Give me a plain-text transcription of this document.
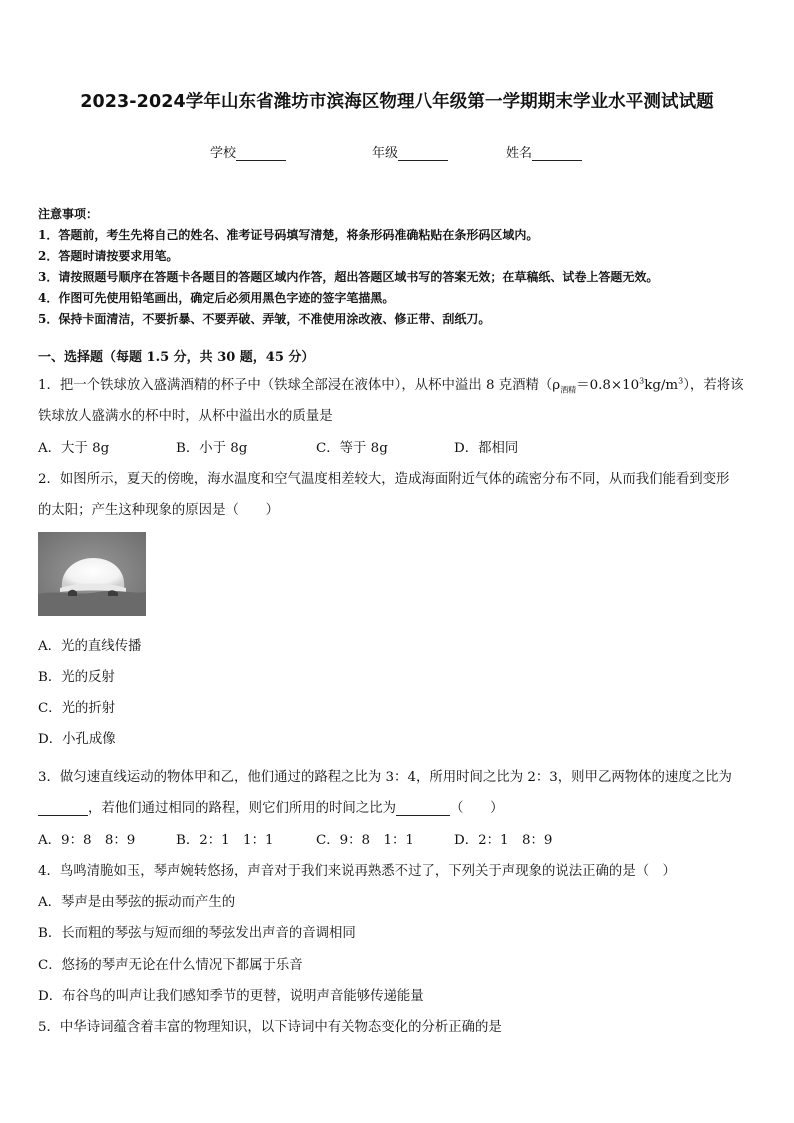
2023-2024学年山东省潍坊市滨海区物理八年级第一学期期末学业水平测试试题
学校	年级	姓名
注意事项：
1．答题前，考生先将自己的姓名、准考证号码填写清楚，将条形码准确粘贴在条形码区域内。
2．答题时请按要求用笔。
3．请按照题号顺序在答题卡各题目的答题区域内作答，超出答题区域书写的答案无效；在草稿纸、试卷上答题无效。
4．作图可先使用铅笔画出，确定后必须用黑色字迹的签字笔描黑。
5．保持卡面清洁，不要折暴、不要弄破、弄皱，不准使用涂改液、修正带、刮纸刀。
一、选择题（每题 1.5 分，共 30 题，45 分）
1．把一个铁球放入盛满酒精的杯子中（铁球全部浸在液体中），从杯中溢出 8 克酒精$(\rho_{酒精}=0.8\times 10^3kg/m^3)$，若将该
铁球放人盛满水的杯中时，从杯中溢出水的质量是
A．大于 8g	B．小于 8g	C．等于 8g	D．都相同
2．如图所示，夏天的傍晚，海水温度和空气温度相差较大，造成海面附近气体的疏密分布不同，从而我们能看到变形
的太阳；产生这种现象的原因是（　　）
A．光的直线传播
B．光的反射
C．光的折射
D．小孔成像
3．做匀速直线运动的物体甲和乙，他们通过的路程之比为 3：4，所用时间之比为 2：3，则甲乙两物体的速度之比为
，若他们通过相同的路程，则它们所用的时间之比为	（　　）
A．9：8　8：9	B．2：1　1：1	C．9：8　1：1	D．2：1　8：9
4．鸟鸣清脆如玉，琴声婉转悠扬，声音对于我们来说再熟悉不过了，下列关于声现象的说法正确的是（　）
A．琴声是由琴弦的振动而产生的
B．长而粗的琴弦与短而细的琴弦发出声音的音调相同
C．悠扬的琴声无论在什么情况下都属于乐音
D．布谷鸟的叫声让我们感知季节的更替，说明声音能够传递能量
5．中华诗词蕴含着丰富的物理知识，以下诗词中有关物态变化的分析正确的是
